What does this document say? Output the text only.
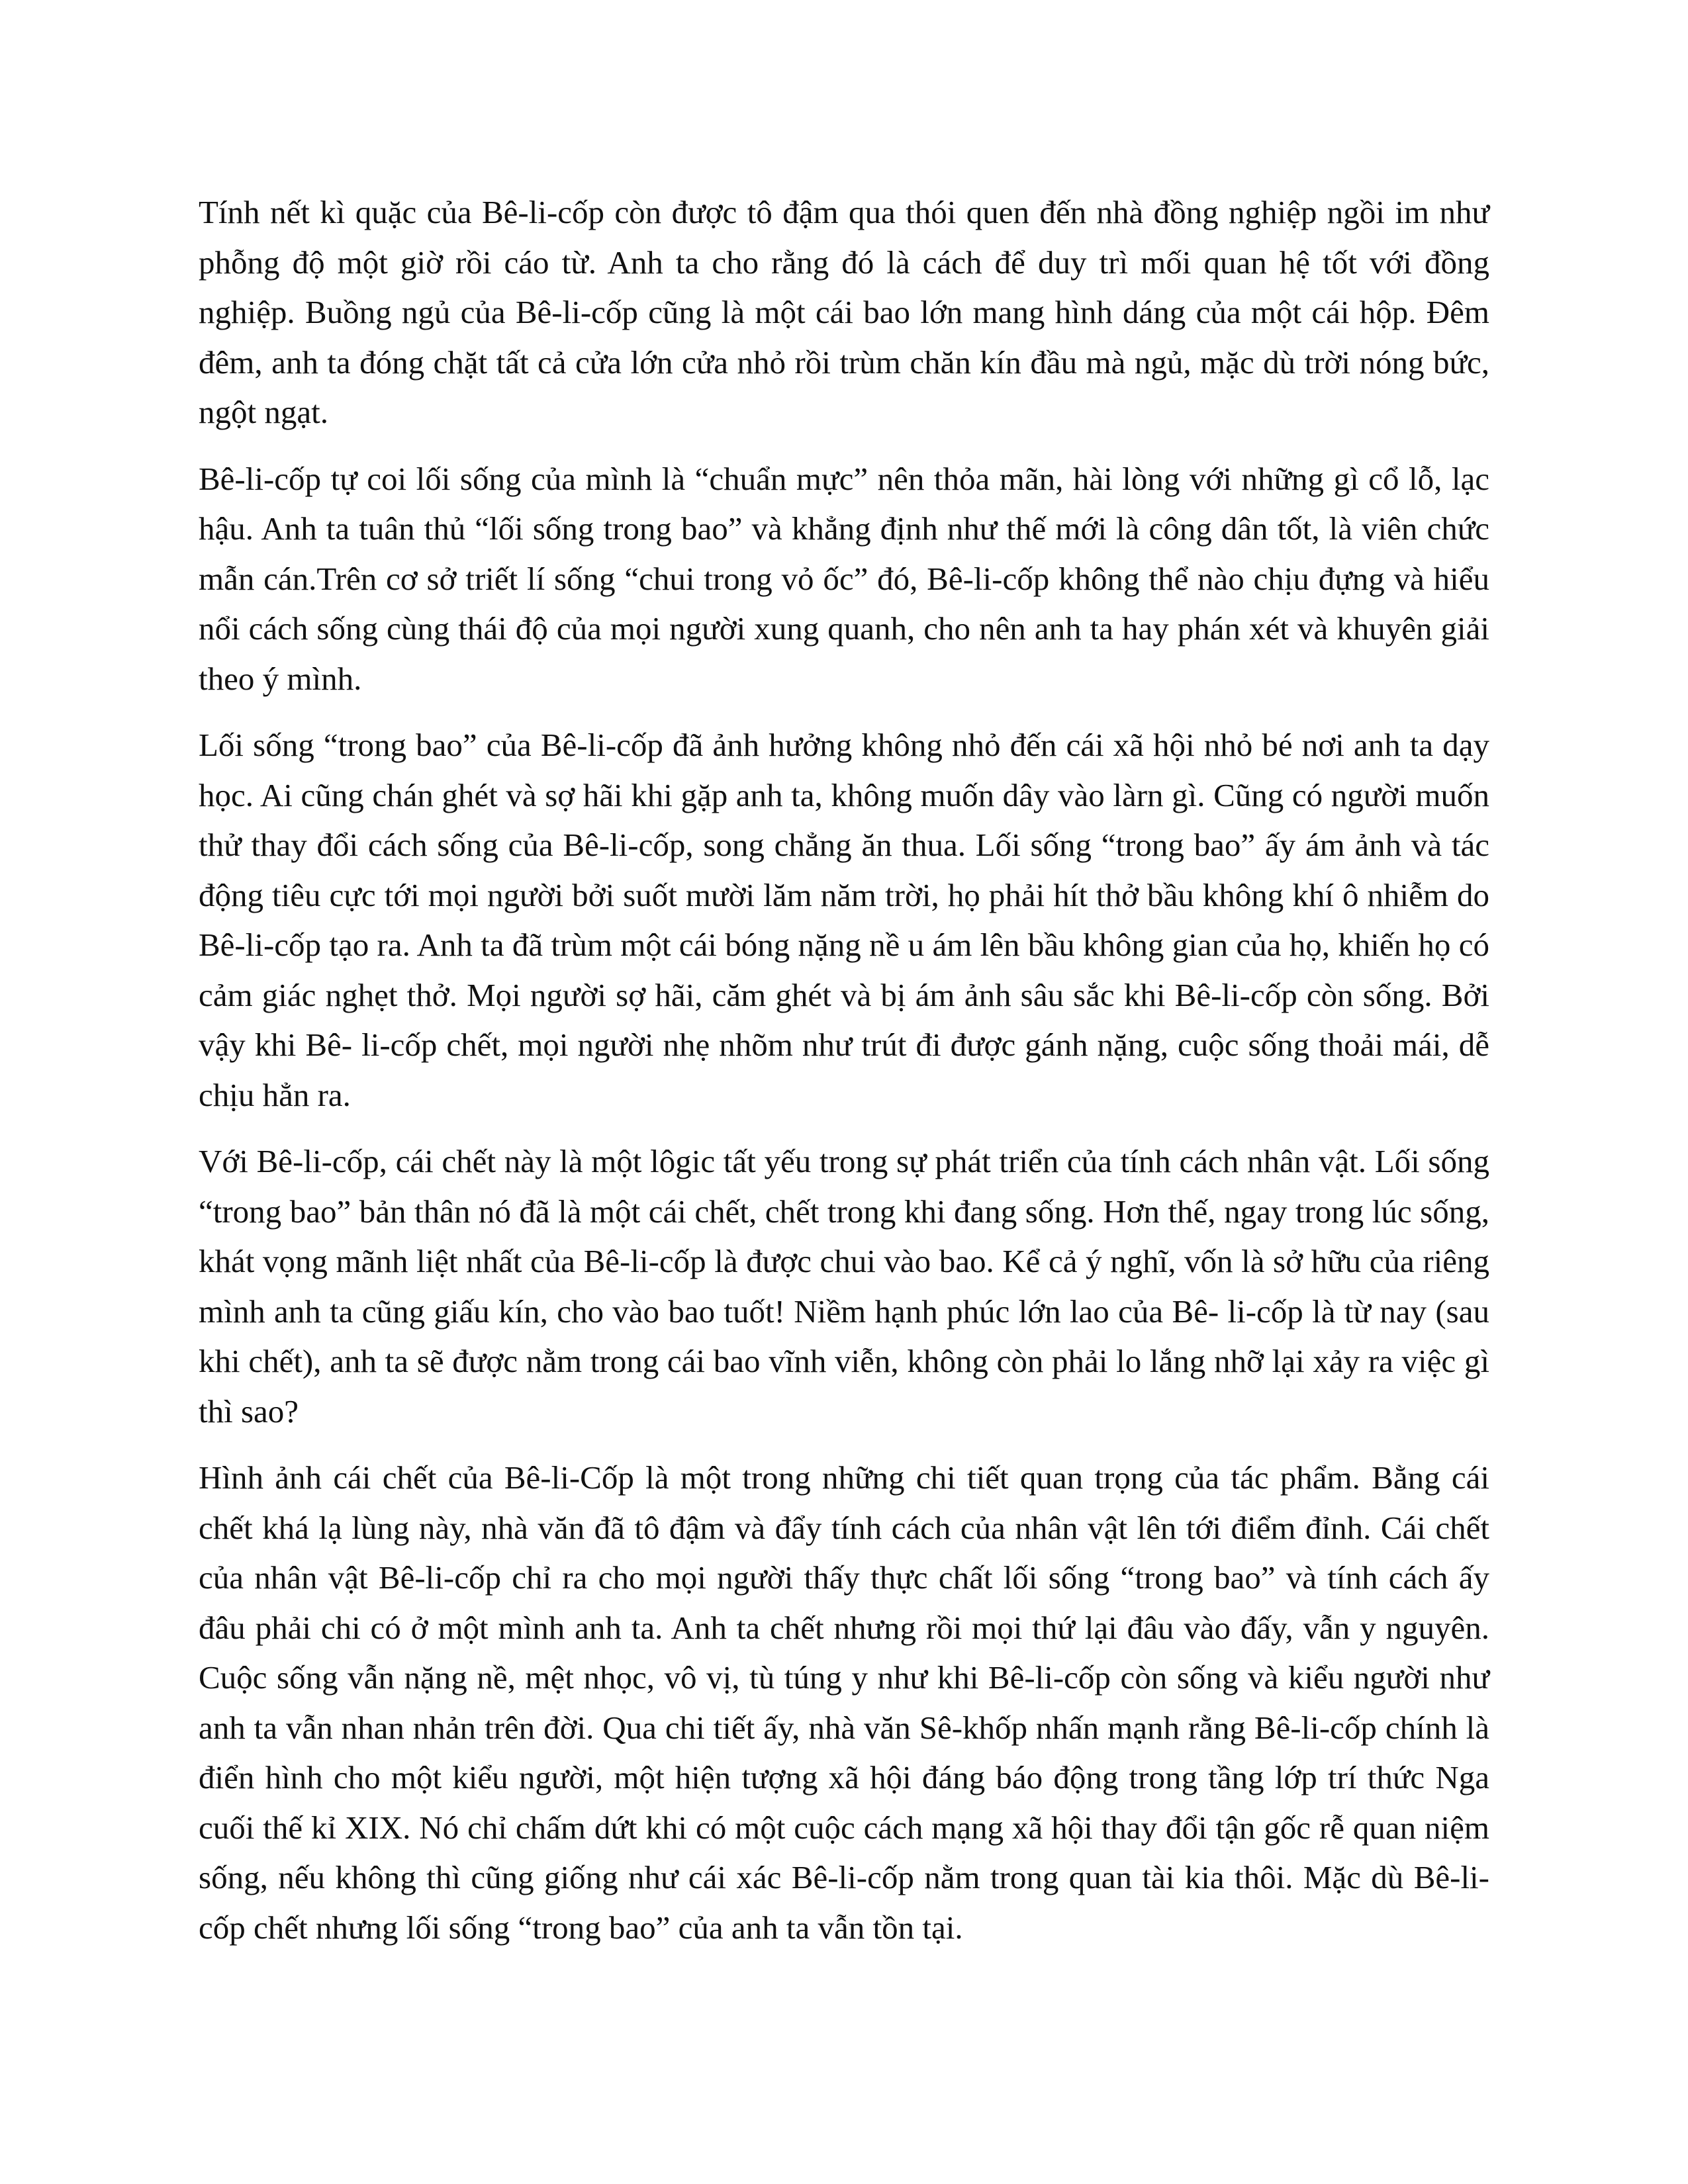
Tính nết kì quặc của Bê-li-cốp còn được tô đậm qua thói quen đến nhà đồng nghiệp ngồi im như phỗng độ một giờ rồi cáo từ. Anh ta cho rằng đó là cách để duy trì mối quan hệ tốt với đồng nghiệp. Buồng ngủ của Bê-li-cốp cũng là một cái bao lớn mang hình dáng của một cái hộp. Đêm đêm, anh ta đóng chặt tất cả cửa lớn cửa nhỏ rồi trùm chăn kín đầu mà ngủ, mặc dù trời nóng bức, ngột ngạt.

Bê-li-cốp tự coi lối sống của mình là “chuẩn mực” nên thỏa mãn, hài lòng với những gì cổ lỗ, lạc hậu. Anh ta tuân thủ “lối sống trong bao” và khẳng định như thế mới là công dân tốt, là viên chức mẫn cán.Trên cơ sở triết lí sống “chui trong vỏ ốc” đó, Bê-li-cốp không thể nào chịu đựng và hiểu nổi cách sống cùng thái độ của mọi người xung quanh, cho nên anh ta hay phán xét và khuyên giải theo ý mình.

Lối sống “trong bao” của Bê-li-cốp đã ảnh hưởng không nhỏ đến cái xã hội nhỏ bé nơi anh ta dạy học. Ai cũng chán ghét và sợ hãi khi gặp anh ta, không muốn dây vào làrn gì. Cũng có người muốn thử thay đổi cách sống của Bê-li-cốp, song chẳng ăn thua. Lối sống “trong bao” ấy ám ảnh và tác động tiêu cực tới mọi người bởi suốt mười lăm năm trời, họ phải hít thở bầu không khí ô nhiễm do Bê-li-cốp tạo ra. Anh ta đã trùm một cái bóng nặng nề u ám lên bầu không gian của họ, khiến họ có cảm giác nghẹt thở. Mọi người sợ hãi, căm ghét và bị ám ảnh sâu sắc khi Bê-li-cốp còn sống. Bởi vậy khi Bê- li-cốp chết, mọi người nhẹ nhõm như trút đi được gánh nặng, cuộc sống thoải mái, dễ chịu hẳn ra.

Với Bê-li-cốp, cái chết này là một lôgic tất yếu trong sự phát triển của tính cách nhân vật. Lối sống “trong bao” bản thân nó đã là một cái chết, chết trong khi đang sống. Hơn thế, ngay trong lúc sống, khát vọng mãnh liệt nhất của Bê-li-cốp là được chui vào bao. Kể cả ý nghĩ, vốn là sở hữu của riêng mình anh ta cũng giấu kín, cho vào bao tuốt! Niềm hạnh phúc lớn lao của Bê- li-cốp là từ nay (sau khi chết), anh ta sẽ được nằm trong cái bao vĩnh viễn, không còn phải lo lắng nhỡ lại xảy ra việc gì thì sao?

Hình ảnh cái chết của Bê-li-Cốp là một trong những chi tiết quan trọng của tác phẩm. Bằng cái chết khá lạ lùng này, nhà văn đã tô đậm và đẩy tính cách của nhân vật lên tới điểm đỉnh. Cái chết của nhân vật Bê-li-cốp chỉ ra cho mọi người thấy thực chất lối sống “trong bao” và tính cách ấy đâu phải chi có ở một mình anh ta. Anh ta chết nhưng rồi mọi thứ lại đâu vào đấy, vẫn y nguyên. Cuộc sống vẫn nặng nề, mệt nhọc, vô vị, tù túng y như khi Bê-li-cốp còn sống và kiểu người như anh ta vẫn nhan nhản trên đời. Qua chi tiết ấy, nhà văn Sê-khốp nhấn mạnh rằng Bê-li-cốp chính là điển hình cho một kiểu người, một hiện tượng xã hội đáng báo động trong tầng lớp trí thức Nga cuối thế kỉ XIX. Nó chỉ chấm dứt khi có một cuộc cách mạng xã hội thay đổi tận gốc rễ quan niệm sống, nếu không thì cũng giống như cái xác Bê-li-cốp nằm trong quan tài kia thôi. Mặc dù Bê-li-cốp chết nhưng lối sống “trong bao” của anh ta vẫn tồn tại.
